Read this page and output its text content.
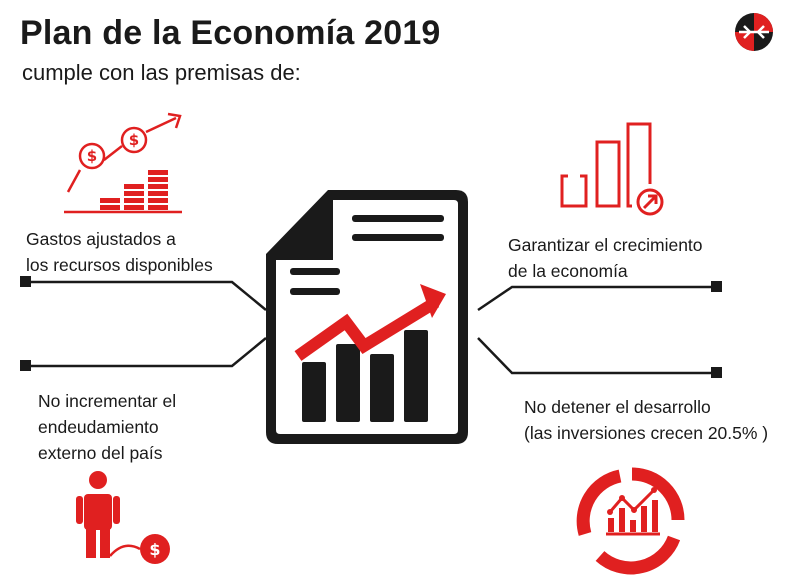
Plan de la Economía 2019
cumple con las premisas de:
$
$
$
Gastos ajustados a
los recursos disponibles
Garantizar el crecimiento
de la economía
No incrementar el
endeudamiento
externo del país
No detener el desarrollo
(las inversiones crecen 20.5% )
